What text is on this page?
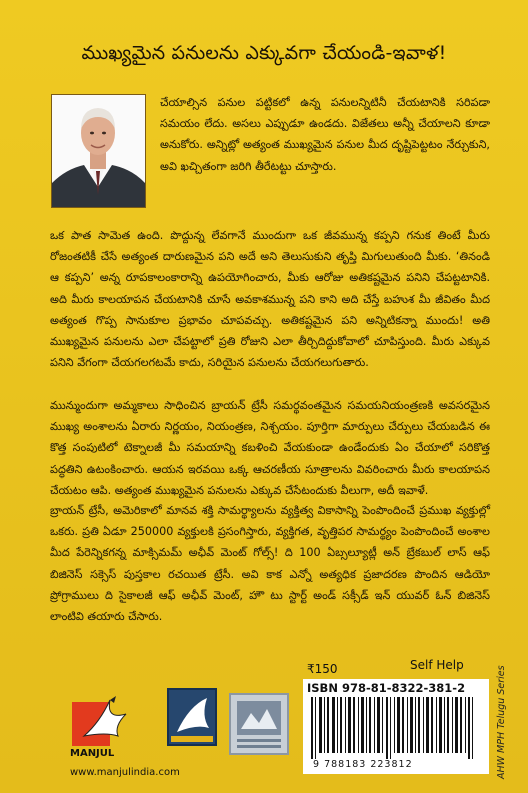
ముఖ్యమైన పనులను ఎక్కువగా చేయండి-ఇవాళ!

చేయాల్సిన పనుల పట్టికలో ఉన్న పనులన్నిటినీ చేయటానికి సరిపడా సమయం లేదు. అసలు ఎప్పుడూ ఉండదు. విజేతలు అన్నీ చేయాలని కూడా అనుకోరు. అన్నిట్లో అత్యంత ముఖ్యమైన పనుల మీద దృష్టిపెట్టటం నేర్చుకుని, అవి ఖచ్చితంగా జరిగి తీరేటట్టు చూస్తారు.

ఒక పాత సామెత ఉంది. పొద్దున్న లేవగానే ముందుగా ఒక జీవమున్న కప్పని గనుక తింటే మీరు రోజంతటికీ చేసే అత్యంత దారుణమైన పని అదే అని తెలుసుకుని తృప్తి మిగులుతుంది మీకు. ‘తినండి ఆ కప్పని’ అన్న రూపకాలంకారాన్ని ఉపయోగించారు, మీకు ఆరోజు అతికష్టమైన పనిని చేపట్టటానికి. అది మీరు కాలయాపన చేయటానికి చూసే అవకాశమున్న పని కాని అది చేస్తే బహుశ మీ జీవితం మీద అత్యంత గొప్ప సానుకూల ప్రభావం చూపవచ్చు. అతికష్టమైన పని అన్నిటికన్నా ముందు! అతి ముఖ్యమైన పనులను ఎలా చేపట్టాలో ప్రతి రోజుని ఎలా తీర్చిదిద్దుకోవాలో చూపిస్తుంది. మీరు ఎక్కువ పనిని వేగంగా చేయగలగటమే కాదు, సరియైన పనులను చేయగలుగుతారు.

మున్ముందుగా అమ్మకాలు సాధించిన బ్రాయన్ ట్రేసీ సమర్థవంతమైన సమయనియంత్రణకి అవసరమైన ముఖ్య అంశాలను ఏరారు నిర్ణయం, నియంత్రణ, నిశ్చయం. పూర్తిగా మార్పులు చేర్పులు చేయబడిన ఈ కొత్త సంపుటిలో టెక్నాలజీ మీ సమయాన్ని కబళించి వేయకుండా ఉండేందుకు ఏం చేయాలో సరికొత్త పద్ధతిని ఉటంకించారు. ఆయన ఇరవయి ఒక్క ఆచరణీయ సూత్రాలను వివరించారు మీరు కాలయాపన చేయటం ఆపి. అత్యంత ముఖ్యమైన పనులను ఎక్కువ చేసేటందుకు వీలుగా, అదీ ఇవాళే.

బ్రాయన్ ట్రేసీ, అమెరికాలో మానవ శక్తి సామర్థ్యాలను వ్యక్తిత్వ వికాసాన్ని పెంపొందించే ప్రముఖ వ్యక్తుల్లో ఒకరు. ప్రతి ఏడూ 250000 వ్యక్తులకి ప్రసంగిస్తారు, వ్యక్తిగత, వృత్తిపర సామర్థ్యం పెంపొందించే అంశాల మీద పేరెన్నికగన్న మాక్సిమమ్ అఛీవ్ మెంట్ గోల్స్! ది 100 ఏబ్సల్యూట్లీ అన్ బ్రేకబుల్ లాస్ ఆఫ్ బిజినెస్ సక్సెస్ పుస్తకాల రచయిత ట్రేసీ. అవి కాక ఎన్నో అత్యధిక ప్రజాదరణ పొందిన ఆడియో ప్రోగ్రాములు ది సైకాలజీ ఆఫ్ అఛీవ్ మెంట్, హౌ టు స్టార్ట్ అండ్ సక్సీడ్ ఇన్ యువర్ ఓన్ బిజినెస్ లాంటివి తయారు చేసారు.

₹150	Self Help
ISBN 978-81-8322-381-2
9 788183 223812	AHW MPH Telugu Series
MANJUL
www.manjulindia.com
